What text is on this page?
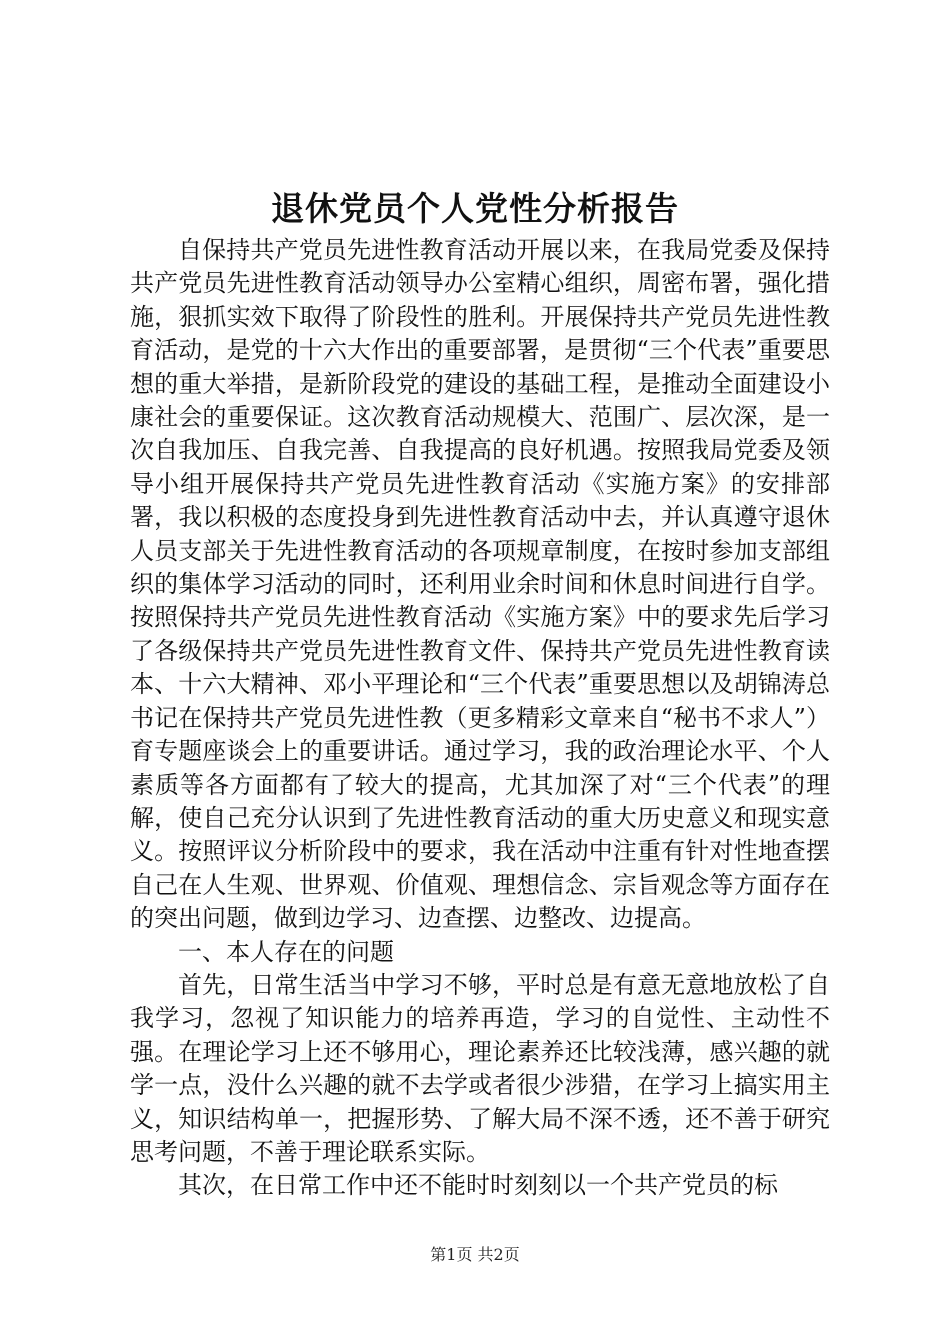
退休党员个人党性分析报告

自保持共产党员先进性教育活动开展以来，在我局党委及保持共产党员先进性教育活动领导办公室精心组织，周密布署，强化措施，狠抓实效下取得了阶段性的胜利。开展保持共产党员先进性教育活动，是党的十六大作出的重要部署，是贯彻“三个代表”重要思想的重大举措，是新阶段党的建设的基础工程，是推动全面建设小康社会的重要保证。这次教育活动规模大、范围广、层次深，是一次自我加压、自我完善、自我提高的良好机遇。按照我局党委及领导小组开展保持共产党员先进性教育活动《实施方案》的安排部署，我以积极的态度投身到先进性教育活动中去，并认真遵守退休人员支部关于先进性教育活动的各项规章制度，在按时参加支部组织的集体学习活动的同时，还利用业余时间和休息时间进行自学。按照保持共产党员先进性教育活动《实施方案》中的要求先后学习了各级保持共产党员先进性教育文件、保持共产党员先进性教育读本、十六大精神、邓小平理论和“三个代表”重要思想以及胡锦涛总书记在保持共产党员先进性教（更多精彩文章来自“秘书不求人”）育专题座谈会上的重要讲话。通过学习，我的政治理论水平、个人素质等各方面都有了较大的提高，尤其加深了对“三个代表”的理解，使自己充分认识到了先进性教育活动的重大历史意义和现实意义。按照评议分析阶段中的要求，我在活动中注重有针对性地查摆自己在人生观、世界观、价值观、理想信念、宗旨观念等方面存在的突出问题，做到边学习、边查摆、边整改、边提高。

一、本人存在的问题

首先，日常生活当中学习不够，平时总是有意无意地放松了自我学习，忽视了知识能力的培养再造，学习的自觉性、主动性不强。在理论学习上还不够用心，理论素养还比较浅薄，感兴趣的就学一点，没什么兴趣的就不去学或者很少涉猎，在学习上搞实用主义，知识结构单一，把握形势、了解大局不深不透，还不善于研究思考问题，不善于理论联系实际。

其次，在日常工作中还不能时时刻刻以一个共产党员的标

第1页 共2页
